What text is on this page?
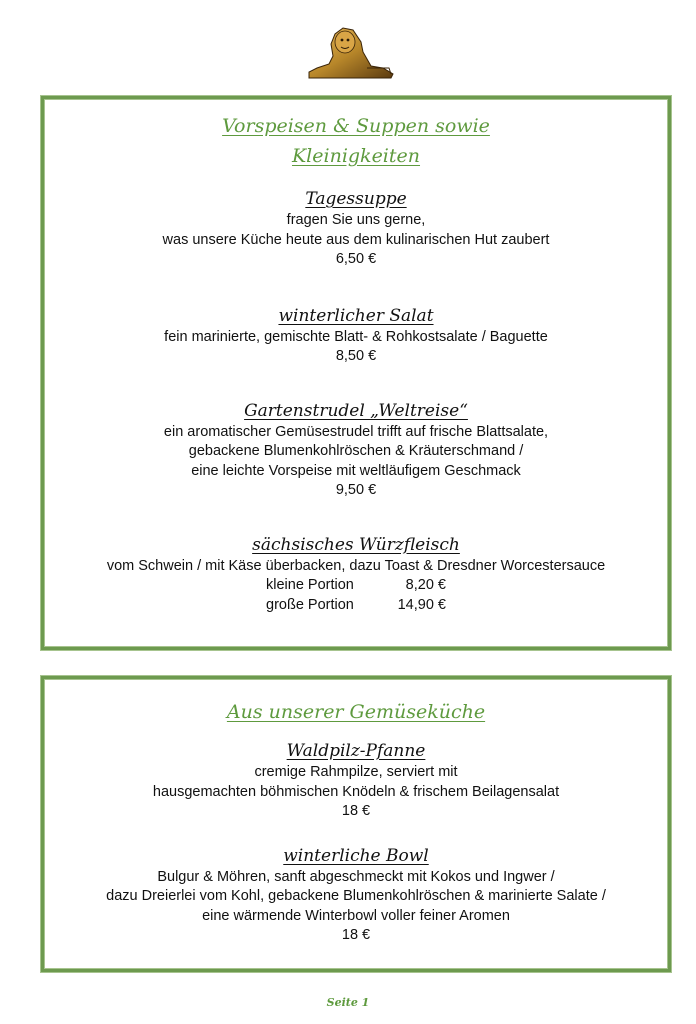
Vorspeisen & Suppen sowie

Kleinigkeiten

Tagessuppe

fragen Sie uns gerne,

was unsere Küche heute aus dem kulinarischen Hut zaubert

6,50 €

winterlicher Salat

fein marinierte, gemischte Blatt- & Rohkostsalate / Baguette

8,50 €

Gartenstrudel „Weltreise“

ein aromatischer Gemüsestrudel trifft auf frische Blattsalate,

gebackene Blumenkohlröschen & Kräuterschmand /

eine leichte Vorspeise mit weltläufigem Geschmack

9,50 €

sächsisches Würzfleisch

vom Schwein / mit Käse überbacken, dazu Toast & Dresdner Worcestersauce

kleine Portion	8,20 €
große Portion	14,90 €

Aus unserer Gemüseküche

Waldpilz-Pfanne

cremige Rahmpilze, serviert mit

hausgemachten böhmischen Knödeln & frischem Beilagensalat

18 €

winterliche Bowl

Bulgur & Möhren, sanft abgeschmeckt mit Kokos und Ingwer /

dazu Dreierlei vom Kohl, gebackene Blumenkohlröschen & marinierte Salate /

eine wärmende Winterbowl voller feiner Aromen

18 €

Seite 1
